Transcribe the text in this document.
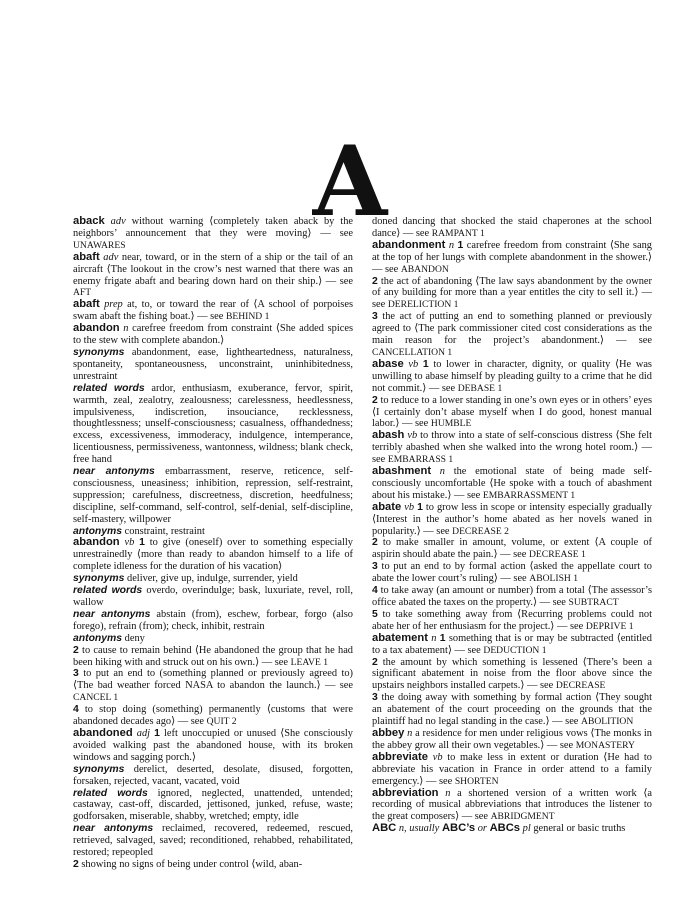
A
aback adv without warning ⟨completely taken aback by the neighbors’ announcement that they were moving⟩ — see UNAWARES
abaft adv near, toward, or in the stern of a ship or the tail of an aircraft ⟨The lookout in the crow’s nest warned that there was an enemy frigate abaft and bearing down hard on their ship.⟩ — see AFT
abaft prep at, to, or toward the rear of ⟨A school of porpoises swam abaft the fishing boat.⟩ — see BEHIND 1
abandon n carefree freedom from constraint ⟨She added spices to the stew with complete abandon.⟩
synonyms abandonment, ease, lightheartedness, naturalness, spontaneity, spontaneousness, unconstraint, uninhibitedness, unrestraint
related words ardor, enthusiasm, exuberance, fervor, spirit, warmth, zeal, zealotry, zealousness; carelessness, heedlessness, impulsiveness, indiscretion, insouciance, recklessness, thoughtlessness; unself-consciousness; casualness, offhandedness; excess, excessiveness, immoderacy, indulgence, intemperance, licentiousness, permissiveness, wantonness, wildness; blank check, free hand
near antonyms embarrassment, reserve, reticence, self-consciousness, uneasiness; inhibition, repression, self-restraint, suppression; carefulness, discreetness, discretion, heedfulness; discipline, self-command, self-control, self-denial, self-discipline, self-mastery, willpower
antonyms constraint, restraint
abandon vb 1 to give (oneself) over to something especially unrestrainedly ⟨more than ready to abandon himself to a life of complete idleness for the duration of his vacation⟩
synonyms deliver, give up, indulge, surrender, yield
related words overdo, overindulge; bask, luxuriate, revel, roll, wallow
near antonyms abstain (from), eschew, forbear, forgo (also forego), refrain (from); check, inhibit, restrain
antonyms deny
2 to cause to remain behind ⟨He abandoned the group that he had been hiking with and struck out on his own.⟩ — see LEAVE 1
3 to put an end to (something planned or previously agreed to) ⟨The bad weather forced NASA to abandon the launch.⟩ — see CANCEL 1
4 to stop doing (something) permanently ⟨customs that were abandoned decades ago⟩ — see QUIT 2
abandoned adj 1 left unoccupied or unused ⟨She consciously avoided walking past the abandoned house, with its broken windows and sagging porch.⟩
synonyms derelict, deserted, desolate, disused, forgotten, forsaken, rejected, vacant, vacated, void
related words ignored, neglected, unattended, untended; castaway, cast-off, discarded, jettisoned, junked, refuse, waste; godforsaken, miserable, shabby, wretched; empty, idle
near antonyms reclaimed, recovered, redeemed, rescued, retrieved, salvaged, saved; reconditioned, rehabbed, rehabilitated, restored; repeopled
2 showing no signs of being under control ⟨wild, aban-
doned dancing that shocked the staid chaperones at the school dance⟩ — see RAMPANT 1
abandonment n 1 carefree freedom from constraint ⟨She sang at the top of her lungs with complete abandonment in the shower.⟩ — see ABANDON
2 the act of abandoning ⟨The law says abandonment by the owner of any building for more than a year entitles the city to sell it.⟩ — see DERELICTION 1
3 the act of putting an end to something planned or previously agreed to ⟨The park commissioner cited cost considerations as the main reason for the project’s abandonment.⟩ — see CANCELLATION 1
abase vb 1 to lower in character, dignity, or quality ⟨He was unwilling to abase himself by pleading guilty to a crime that he did not commit.⟩ — see DEBASE 1
2 to reduce to a lower standing in one’s own eyes or in others’ eyes ⟨I certainly don’t abase myself when I do good, honest manual labor.⟩ — see HUMBLE
abash vb to throw into a state of self-conscious distress ⟨She felt terribly abashed when she walked into the wrong hotel room.⟩ — see EMBARRASS 1
abashment n the emotional state of being made self-consciously uncomfortable ⟨He spoke with a touch of abashment about his mistake.⟩ — see EMBARRASSMENT 1
abate vb 1 to grow less in scope or intensity especially gradually ⟨Interest in the author’s home abated as her novels waned in popularity.⟩ — see DECREASE 2
2 to make smaller in amount, volume, or extent ⟨A couple of aspirin should abate the pain.⟩ — see DECREASE 1
3 to put an end to by formal action ⟨asked the appellate court to abate the lower court’s ruling⟩ — see ABOLISH 1
4 to take away (an amount or number) from a total ⟨The assessor’s office abated the taxes on the property.⟩ — see SUBTRACT
5 to take something away from ⟨Recurring problems could not abate her of her enthusiasm for the project.⟩ — see DEPRIVE 1
abatement n 1 something that is or may be subtracted ⟨entitled to a tax abatement⟩ — see DEDUCTION 1
2 the amount by which something is lessened ⟨There’s been a significant abatement in noise from the floor above since the upstairs neighbors installed carpets.⟩ — see DECREASE
3 the doing away with something by formal action ⟨They sought an abatement of the court proceeding on the grounds that the plaintiff had no legal standing in the case.⟩ — see ABOLITION
abbey n a residence for men under religious vows ⟨The monks in the abbey grow all their own vegetables.⟩ — see MONASTERY
abbreviate vb to make less in extent or duration ⟨He had to abbreviate his vacation in France in order attend to a family emergency.⟩ — see SHORTEN
abbreviation n a shortened version of a written work ⟨a recording of musical abbreviations that introduces the listener to the great composers⟩ — see ABRIDGMENT
ABC n, usually ABC’s or ABCs pl general or basic truths
